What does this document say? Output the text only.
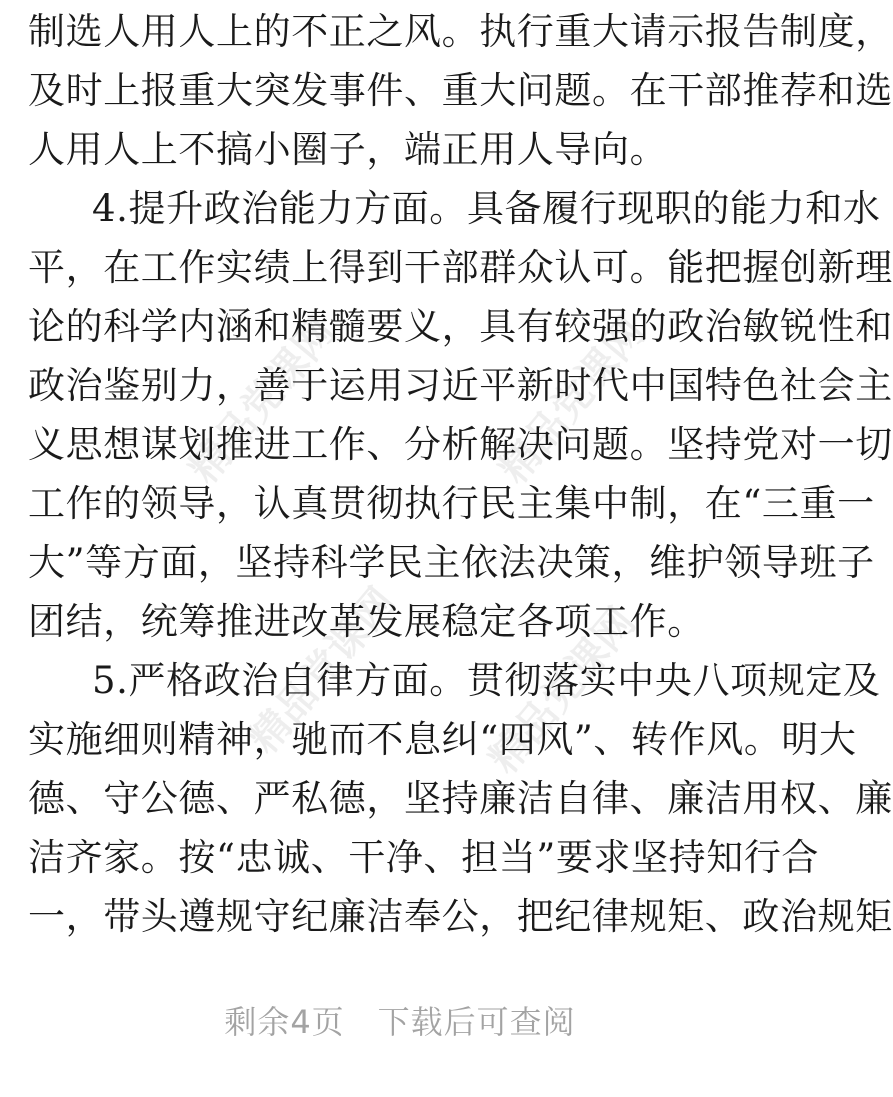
精品党课网	精品党课网
精品党课网 精品党课网
制选人用人上的不正之风。执行重大请示报告制度，
及时上报重大突发事件、重大问题。在干部推荐和选
人用人上不搞小圈子，端正用人导向。
4.提升政治能力方面。具备履行现职的能力和水
平，在工作实绩上得到干部群众认可。能把握创新理
论的科学内涵和精髓要义，具有较强的政治敏锐性和
政治鉴别力，善于运用习近平新时代中国特色社会主
义思想谋划推进工作、分析解决问题。坚持党对一切
工作的领导，认真贯彻执行民主集中制，在“三重一
大”等方面，坚持科学民主依法决策，维护领导班子
团结，统筹推进改革发展稳定各项工作。
5.严格政治自律方面。贯彻落实中央八项规定及
实施细则精神，驰而不息纠“四风”、转作风。明大
德、守公德、严私德，坚持廉洁自律、廉洁用权、廉
洁齐家。按“忠诚、干净、担当”要求坚持知行合
一，带头遵规守纪廉洁奉公，把纪律规矩、政治规矩
剩余4页　下载后可查阅
